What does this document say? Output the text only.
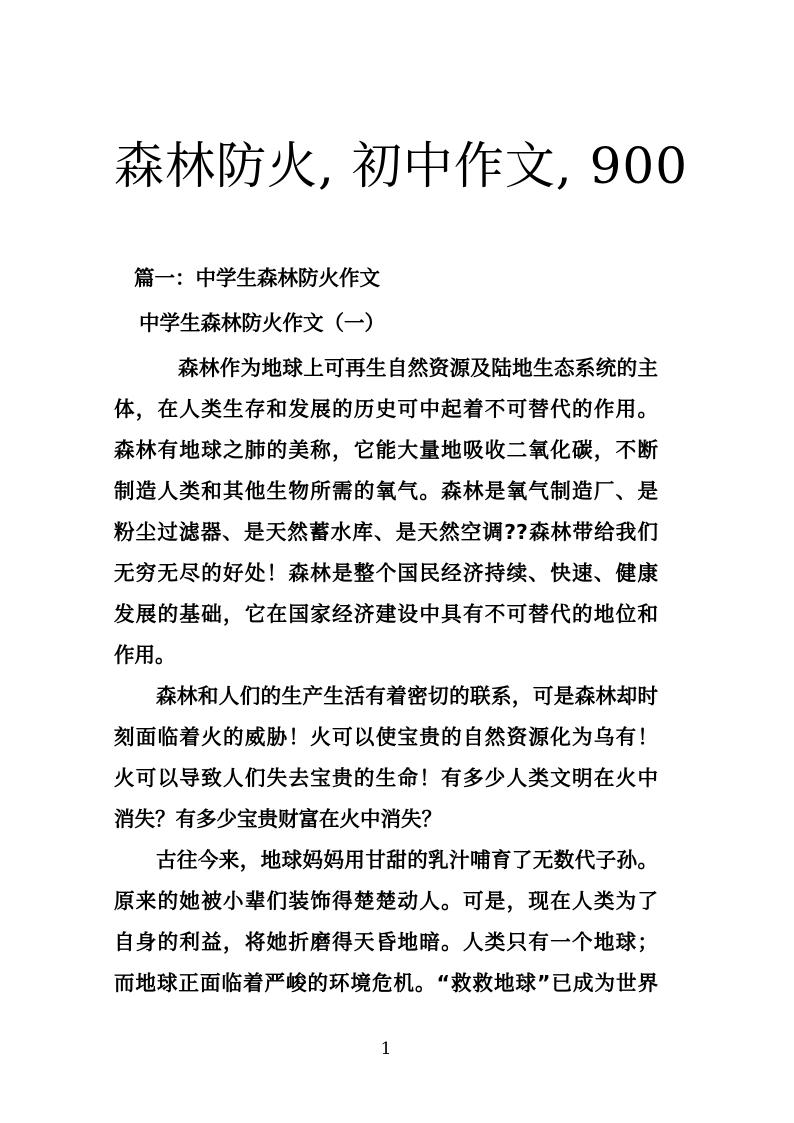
森林防火, 初中作文, 900

篇一：中学生森林防火作文

中学生森林防火作文（一）

森林作为地球上可再生自然资源及陆地生态系统的主
体，在人类生存和发展的历史可中起着不可替代的作用。
森林有地球之肺的美称，它能大量地吸收二氧化碳，不断
制造人类和其他生物所需的氧气。森林是氧气制造厂、是
粉尘过滤器、是天然蓄水库、是天然空调??森林带给我们
无穷无尽的好处！森林是整个国民经济持续、快速、健康
发展的基础，它在国家经济建设中具有不可替代的地位和
作用。
森林和人们的生产生活有着密切的联系，可是森林却时
刻面临着火的威胁！火可以使宝贵的自然资源化为乌有！
火可以导致人们失去宝贵的生命！有多少人类文明在火中
消失？有多少宝贵财富在火中消失？
古往今来，地球妈妈用甘甜的乳汁哺育了无数代子孙。
原来的她被小辈们装饰得楚楚动人。可是，现在人类为了
自身的利益，将她折磨得天昏地暗。人类只有一个地球；
而地球正面临着严峻的环境危机。“救救地球”已成为世界
1
